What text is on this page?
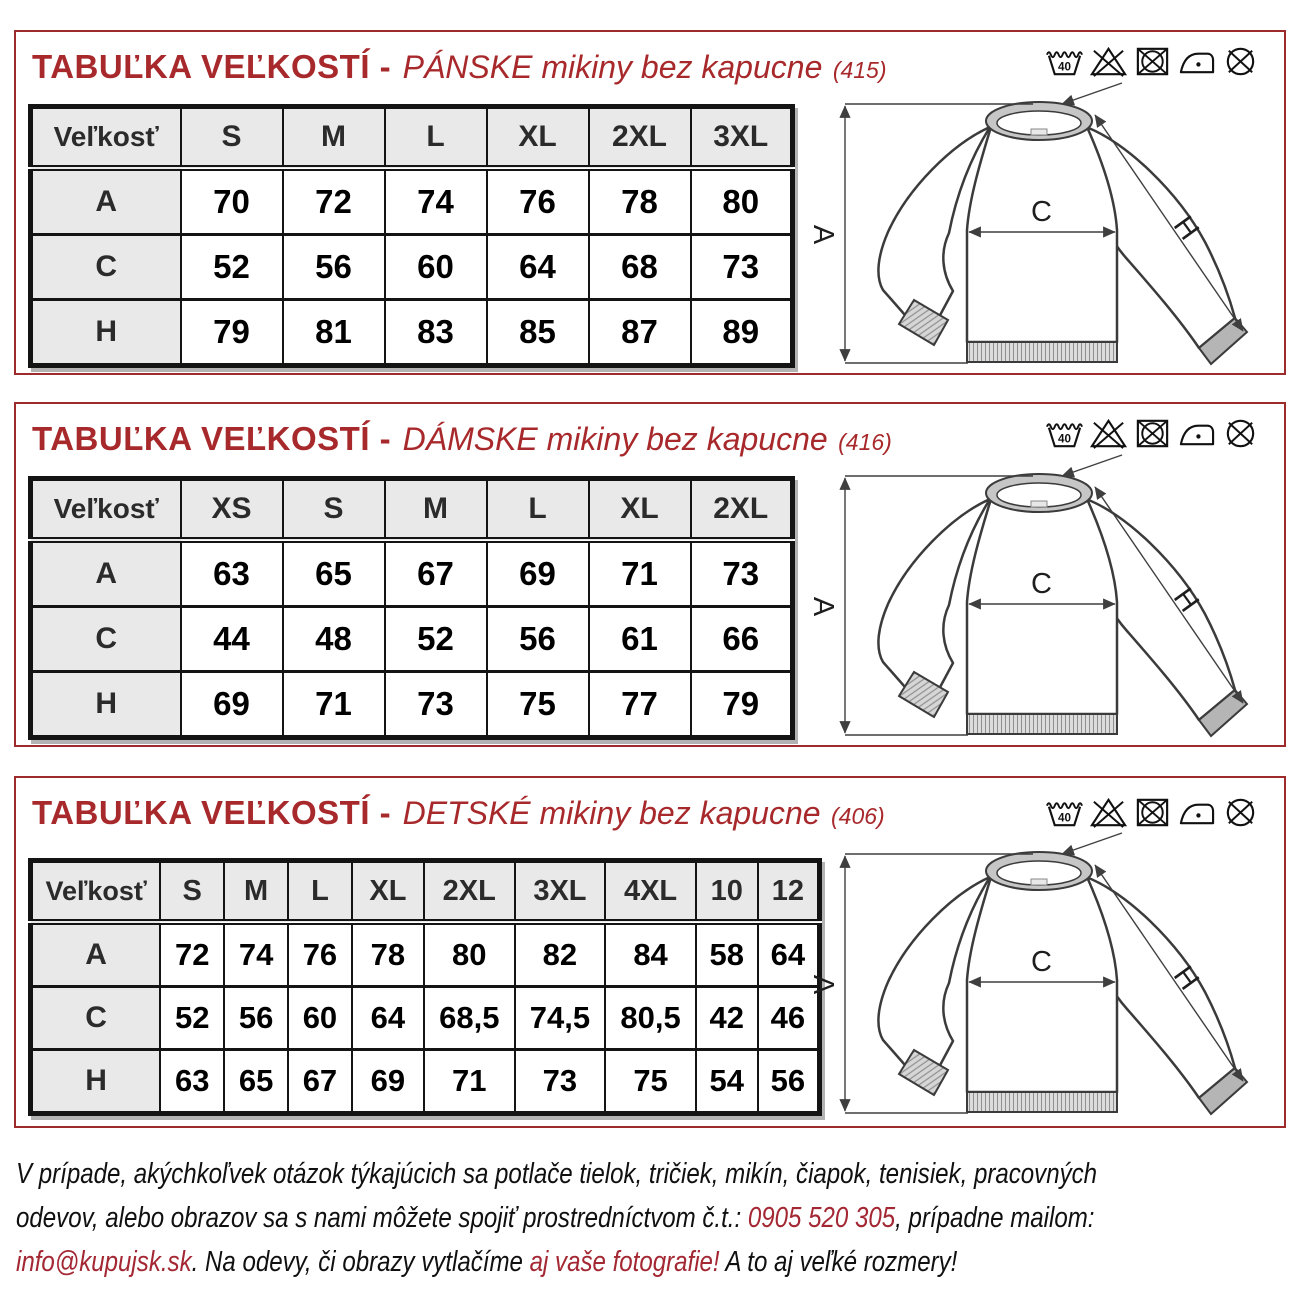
TABUĽKA VEĽKOSTÍ - PÁNSKE mikiny bez kapucne (415)	40
Veľkosť	S	M	L	XL	2XL	3XL
A	70	72	74	76	78	80
C	52	56	60	64	68	73
H	79	81	83	85	87	89
A
C	H
TABUĽKA VEĽKOSTÍ - DÁMSKE mikiny bez kapucne (416)	40
Veľkosť	XS	S	M	L	XL	2XL
A	63	65	67	69	71	73
C	44	48	52	56	61	66
H	69	71	73	75	77	79
A
C	H
TABUĽKA VEĽKOSTÍ - DETSKÉ mikiny bez kapucne (406)	40
Veľkosť	S	M	L	XL	2XL	3XL	4XL	10	12
A	72	74	76	78	80	82	84	58	64
C	52	56	60	64	68,5	74,5	80,5	42	46
H	63	65	67	69	71	73	75	54	56
A
C	H
V prípade, akýchkoľvek otázok týkajúcich sa potlače tielok, tričiek, mikín, čiapok, tenisiek, pracovných
odevov, alebo obrazov sa s nami môžete spojiť prostredníctvom č.t.: 0905 520 305, prípadne mailom:
info@kupujsk.sk. Na odevy, či obrazy vytlačíme aj vaše fotografie! A to aj veľké rozmery!
